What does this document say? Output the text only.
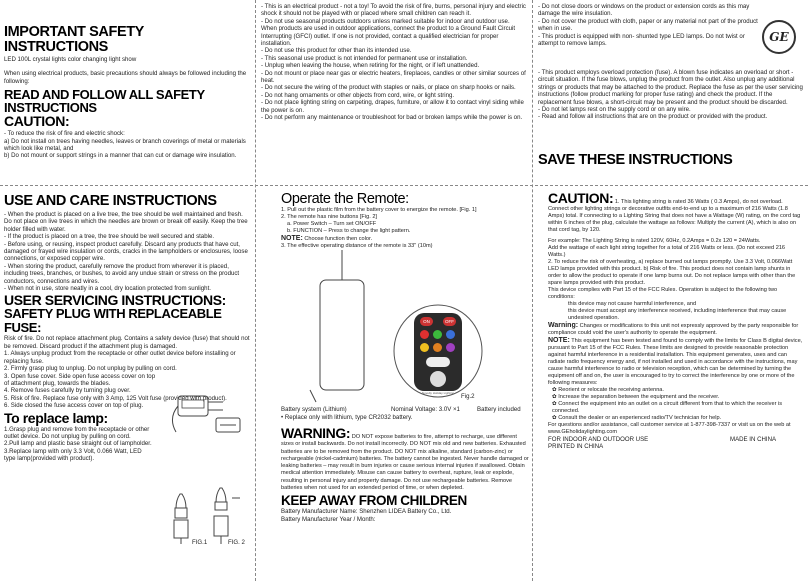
IMPORTANT SAFETY INSTRUCTIONS
LED 100L crystal lights color changing light show
When using electrical products, basic precautions should always be followed including the following:
READ AND FOLLOW ALL SAFETY INSTRUCTIONS
CAUTION:

- To reduce the risk of fire and electric shock:

a) Do not install on trees having needles, leaves or branch coverings of metal or materials which look like metal, and

b) Do not mount or support strings in a manner that can cut or damage wire insulation.

- This is an electrical product - not a toy! To avoid the risk of fire, burns, personal injury and electric shock it should not be played with or placed where small children can reach it.

- Do not use seasonal products outdoors unless marked suitable for indoor and outdoor use. When products are used in outdoor applications, connect the product to a Ground Fault Circuit Interrupting (GFCI) outlet. If one is not provided, contact a qualified electrician for proper installation.

- Do not use this product for other than its intended use.

- This seasonal use product is not intended for permanent use or installation.

- Unplug when leaving the house, when retiring for the night, or if left unattended.

- Do not mount or place near gas or electric heaters, fireplaces, candles or other similar sources of heat.

- Do not secure the wiring of the product with staples or nails, or place on sharp hooks or nails.

- Do not hang ornaments or other objects from cord, wire, or light string.

- Do not place lighting string on carpeting, drapes, furniture, or allow it to contact vinyl siding while the power is on.

- Do not perform any maintenance or troubleshoot for bad or broken lamps while the power is on.

GE

- Do not close doors or windows on the product or extension cords as this may damage the wire insulation.

- Do not cover the product with cloth, paper or any material not part of the product when in use.

- This product is equipped with non- shunted type LED lamps. Do not twist or attempt to remove lamps.

- This product employs overload protection (fuse). A blown fuse indicates an overload or short -circuit situation. If the fuse blows, unplug the product from the outlet. Also unplug any additional strings or products that may be attached to the product. Replace the fuse as per the user servicing instructions (follow product marking for proper fuse rating) and check the product. If the replacement fuse blows, a short-circuit may be present and the product should be discarded.

- Do not let lamps rest on the supply cord or on any wire.

- Read and follow all instructions that are on the product or provided with the product.

SAVE THESE INSTRUCTIONS
USE AND CARE INSTRUCTIONS

- When the product is placed on a live tree, the tree should be well maintained and fresh. Do not place on live trees in which the needles are brown or break off easily. Keep the tree holder filled with water.

- If the product is placed on a tree, the tree should be well secured and stable.

- Before using, or reusing, inspect product carefully. Discard any products that have cut, damaged or frayed wire insulation or cords, cracks in the lampholders or enclosures, loose connections, or exposed copper wire.

- When storing the product, carefully remove the product from wherever it is placed, including trees, branches, or bushes, to avoid any undue strain or stress on the product conductors, connections and wires.

- When not in use, store neatly in a cool, dry location protected from sunlight.

USER SERVICING INSTRUCTIONS:
SAFETY PLUG WITH REPLACEABLE FUSE:

Risk of fire. Do not replace attachment plug. Contains a safety device (fuse) that should not be removed. Discard product if the attachment plug is damaged.

1. Always unplug product from the receptacle or other outlet device before installing or replacing fuse.

2. Firmly grasp plug to unplug. Do not unplug by pulling on cord.

3. Open fuse cover. Side open fuse access cover on top of attachment plug, towards the blades.

4. Remove fuses carefully by turning plug over.

5. Risk of fire. Replace fuse only with 3 Amp, 125 Volt fuse (provided with product).

6. Side closed the fuse access cover on top of plug.

To replace lamp:

1.Grasp plug and remove from the receptacle or other outlet device. Do not unplug by pulling on cord.

2.Pull lamp and plastic base straight out of lampholder.

3.Replace lamp with only 3.3 Volt, 0.066 Watt, LED type lamp(provided with product).

FIG.1	FIG. 2
Operate the Remote:

1. Pull out the plastic film from the battery cover to energize the remote. [Fig. 1]

2. The remote has nine buttons [Fig. 2]

a. Power Switch – Turn set ON/OFF

b. FUNCTION – Press to change the light pattern.

NOTE: Choose function then color.

3. The effective operating distance of the remote is 33'' (10m)

ON	OFF
Novelty Holiday Lighting	Fig.2
Battery system (Lithium)	Nominal Voltage: 3.0V ×1	Battery included

• Replace only with lithium, type CR2032 battery.

WARNING: DO NOT expose batteries to fire, attempt to recharge, use different sizes or install backwards. Do not install incorrectly. DO NOT mix old and new batteries. Exhausted batteries are to be removed from the product. DO NOT mix alkaline, standard (carbon-zinc) or rechargeable (nickel-cadmium) batteries. The battery cannot be ingested. Never handle damaged or leaking batteries – may result in burn injuries or cause serious internal injuries if swallowed. Obtain medical attention immediately. Misuse can cause battery to overheat, rupture, leak or explode, resulting in personal injury and property damage. Do not use rechargeable batteries. Remove batteries when not used for an extended period of time, or when depleted.
KEEP AWAY FROM CHILDREN

Battery Manufacturer Name: Shenzhen LIDEA Battery Co., Ltd.

Battery Manufacturer Year / Month:

CAUTION: 1. This lighting string is rated 36 Watts ( 0.3 Amps), do not overload. Connect other lighting strings or decorative outfits end-to-end up to a maximum of 216 Watts (1.8 Amps) total. If connecting to a Lighting String that does not have a Wattage (W) rating, on the cord tag within 6 inches of the plug, calculate the wattage as follows: Multiply the current (A), which is also on that cord tag, by 120.

For example: The Lighting String is rated 120V, 60Hz, 0.2Amps = 0.2x 120 = 24Watts.

Add the wattage of each light string together for a total of 216 Watts or less. (Do not exceed 216 Watts.)

2. To reduce the risk of overheating, a) replace burned out lamps promptly. Use 3.3 Volt, 0.066Watt LED lamps provided with this product. b) Risk of fire. This product does not contain lamp shunts in order to allow the product to operate if one lamp burns out. Do not replace lamps with other than the spare lamps provided with this product.

This device complies with Part 15 of the FCC Rules. Operation is subject to the following two conditions:

this device may not cause harmful interference, and

this device must accept any interference received, including interference that may cause undesired operation.

Warning: Changes or modifications to this unit not expressly approved by the party responsible for compliance could void the user's authority to operate the equipment.

NOTE: This equipment has been tested and found to comply with the limits for Class B digital device, pursuant to Part 15 of the FCC Rules. These limits are designed to provide reasonable protection against harmful interference in a residential installation. This equipment generates, uses and can radiate radio frequency energy and, if not installed and used in accordance with the instructions, may cause harmful interference to radio or television reception, which can be determined by turning the equipment off and on, the user is encouraged to try to correct the interference by one or more of the following measures:

✿ Reorient or relocate the receiving antenna.

✿ Increase the separation between the equipment and the receiver.

✿ Connect the equipment into an outlet on a circuit different from that to which the receiver is connected.

✿ Consult the dealer or an experienced radio/TV technician for help.

For questions and/or assistance, call customer service at 1-877-398-7337 or visit us on the web at www.GEholidaylighting.com

FOR INDOOR AND OUTDOOR USE
PRINTED IN CHINA
MADE IN CHINA
